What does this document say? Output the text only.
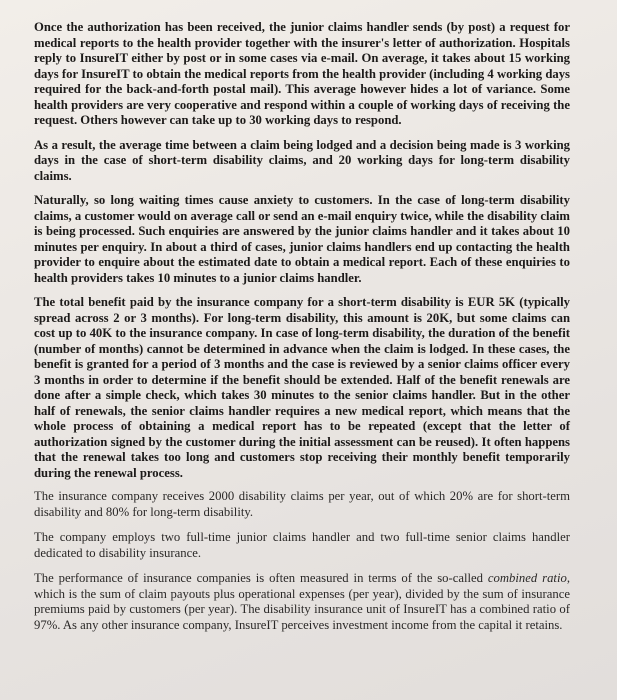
Once the authorization has been received, the junior claims handler sends (by post) a request for medical reports to the health provider together with the insurer's letter of authorization. Hospitals reply to InsureIT either by post or in some cases via e-mail. On average, it takes about 15 working days for InsureIT to obtain the medical reports from the health provider (including 4 working days required for the back-and-forth postal mail). This average however hides a lot of variance. Some health providers are very cooperative and respond within a couple of working days of receiving the request. Others however can take up to 30 working days to respond.

As a result, the average time between a claim being lodged and a decision being made is 3 working days in the case of short-term disability claims, and 20 working days for long-term disability claims.

Naturally, so long waiting times cause anxiety to customers. In the case of long-term disability claims, a customer would on average call or send an e-mail enquiry twice, while the disability claim is being processed. Such enquiries are answered by the junior claims handler and it takes about 10 minutes per enquiry. In about a third of cases, junior claims handlers end up contacting the health provider to enquire about the estimated date to obtain a medical report. Each of these enquiries to health providers takes 10 minutes to a junior claims handler.

The total benefit paid by the insurance company for a short-term disability is EUR 5K (typically spread across 2 or 3 months). For long-term disability, this amount is 20K, but some claims can cost up to 40K to the insurance company. In case of long-term disability, the duration of the benefit (number of months) cannot be determined in advance when the claim is lodged. In these cases, the benefit is granted for a period of 3 months and the case is reviewed by a senior claims officer every 3 months in order to determine if the benefit should be extended. Half of the benefit renewals are done after a simple check, which takes 30 minutes to the senior claims handler. But in the other half of renewals, the senior claims handler requires a new medical report, which means that the whole process of obtaining a medical report has to be repeated (except that the letter of authorization signed by the customer during the initial assessment can be reused). It often happens that the renewal takes too long and customers stop receiving their monthly benefit temporarily during the renewal process.

The insurance company receives 2000 disability claims per year, out of which 20% are for short-term disability and 80% for long-term disability.

The company employs two full-time junior claims handler and two full-time senior claims handler dedicated to disability insurance.

The performance of insurance companies is often measured in terms of the so-called combined ratio, which is the sum of claim payouts plus operational expenses (per year), divided by the sum of insurance premiums paid by customers (per year). The disability insurance unit of InsureIT has a combined ratio of 97%. As any other insurance company, InsureIT perceives investment income from the capital it retains.
